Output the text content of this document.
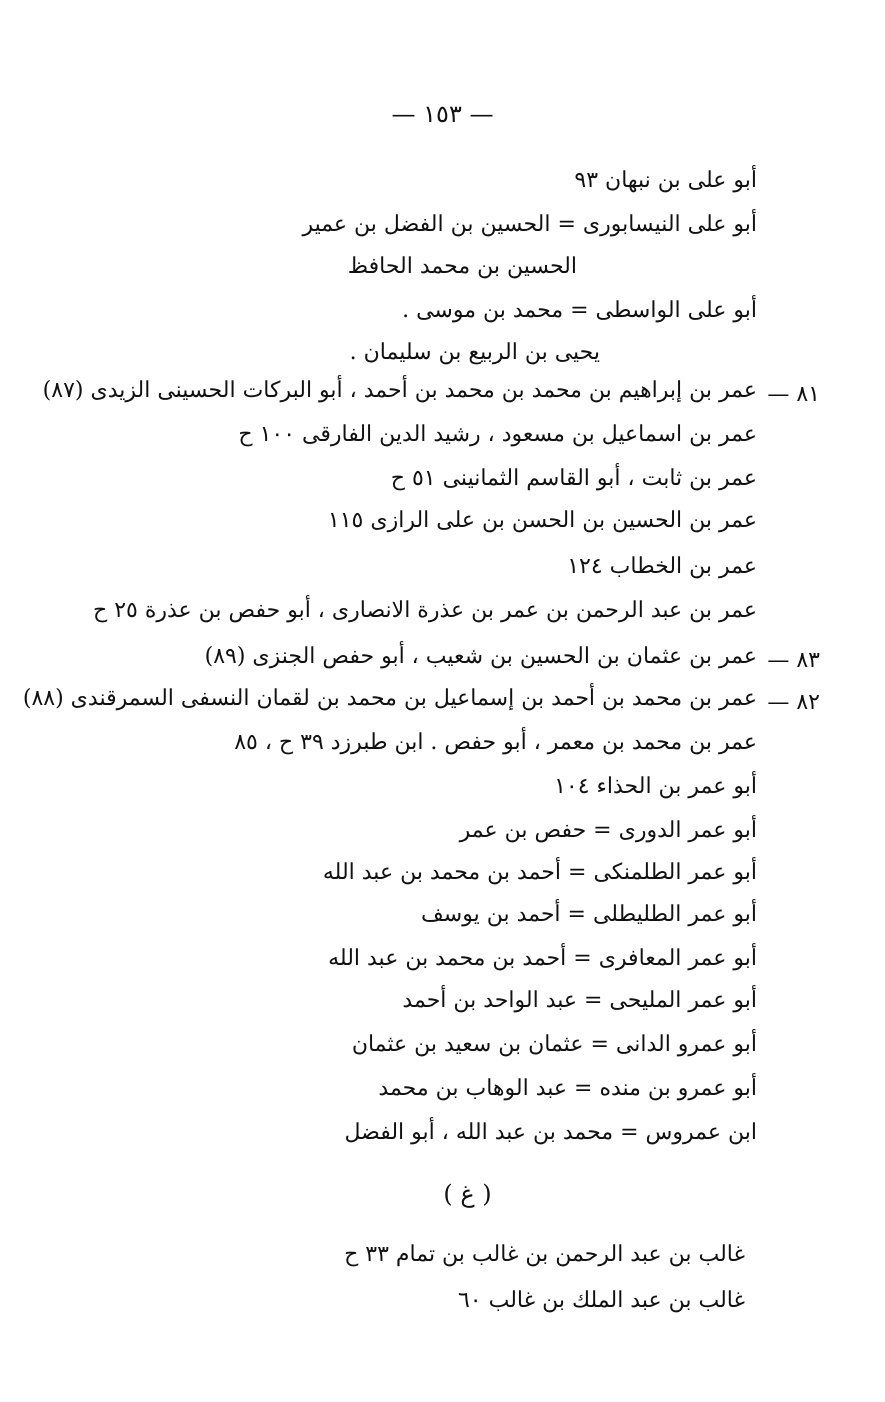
— ١٥٣ —
أبو على بن نبهان ٩٣
أبو على النيسابورى = الحسين بن الفضل بن عمير
الحسين بن محمد الحافظ
أبو على الواسطى = محمد بن موسى .
يحيى بن الربيع بن سليمان .
٨١ —
عمر بن إبراهيم بن محمد بن محمد بن أحمد ، أبو البركات الحسينى الزيدى (٨٧)
عمر بن اسماعيل بن مسعود ، رشيد الدين الفارقى ١٠٠ ح
عمر بن ثابت ، أبو القاسم الثمانينى ٥١ ح
عمر بن الحسين بن الحسن بن على الرازى ١١٥
عمر بن الخطاب ١٢٤
عمر بن عبد الرحمن بن عمر بن عذرة الانصارى ، أبو حفص بن عذرة ٢٥ ح
٨٣ —
عمر بن عثمان بن الحسين بن شعيب ، أبو حفص الجنزى (٨٩)
٨٢ —
عمر بن محمد بن أحمد بن إسماعيل بن محمد بن لقمان النسفى السمرقندى (٨٨)
عمر بن محمد بن معمر ، أبو حفص . ابن طبرزد ٣٩ ح ، ٨٥
أبو عمر بن الحذاء ١٠٤
أبو عمر الدورى = حفص بن عمر
أبو عمر الطلمنكى = أحمد بن محمد بن عبد الله
أبو عمر الطليطلى = أحمد بن يوسف
أبو عمر المعافرى = أحمد بن محمد بن عبد الله
أبو عمر المليحى = عبد الواحد بن أحمد
أبو عمرو الدانى = عثمان بن سعيد بن عثمان
أبو عمرو بن منده = عبد الوهاب بن محمد
ابن عمروس = محمد بن عبد الله ، أبو الفضل
( غ )
غالب بن عبد الرحمن بن غالب بن تمام ٣٣ ح
غالب بن عبد الملك بن غالب ٦٠
